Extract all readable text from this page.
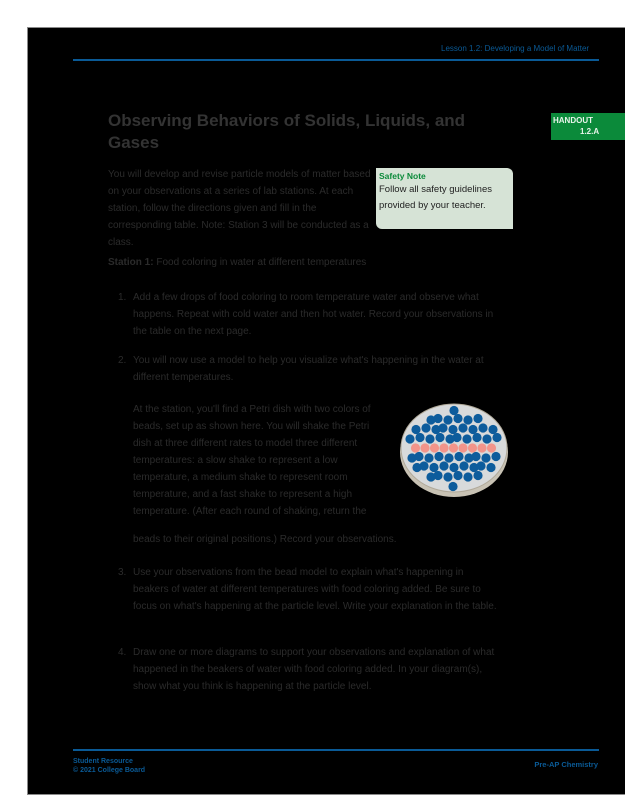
Lesson 1.2: Developing a Model of Matter
HANDOUT
1.2.A
Observing Behaviors of Solids, Liquids, and Gases
You will develop and revise particle models of matter based on your observations at a series of lab stations. At each station, follow the directions given and fill in the corresponding table. Note: Station 3 will be conducted as a class.
Safety Note
Follow all safety guidelines provided by your teacher.
Station 1: Food coloring in water at different temperatures
1. Add a few drops of food coloring to room temperature water and observe what happens. Repeat with cold water and then hot water. Record your observations in the table on the next page.
2. You will now use a model to help you visualize what's happening in the water at different temperatures.
At the station, you'll find a Petri dish with two colors of beads, set up as shown here. You will shake the Petri dish at three different rates to model three different temperatures: a slow shake to represent a low temperature, a medium shake to represent room temperature, and a fast shake to represent a high temperature. (After each round of shaking, return the
beads to their original positions.) Record your observations.
3. Use your observations from the bead model to explain what's happening in beakers of water at different temperatures with food coloring added. Be sure to focus on what's happening at the particle level. Write your explanation in the table.
4. Draw one or more diagrams to support your observations and explanation of what happened in the beakers of water with food coloring added. In your diagram(s), show what you think is happening at the particle level.
Student Resource
© 2021 College Board
Pre-AP Chemistry
